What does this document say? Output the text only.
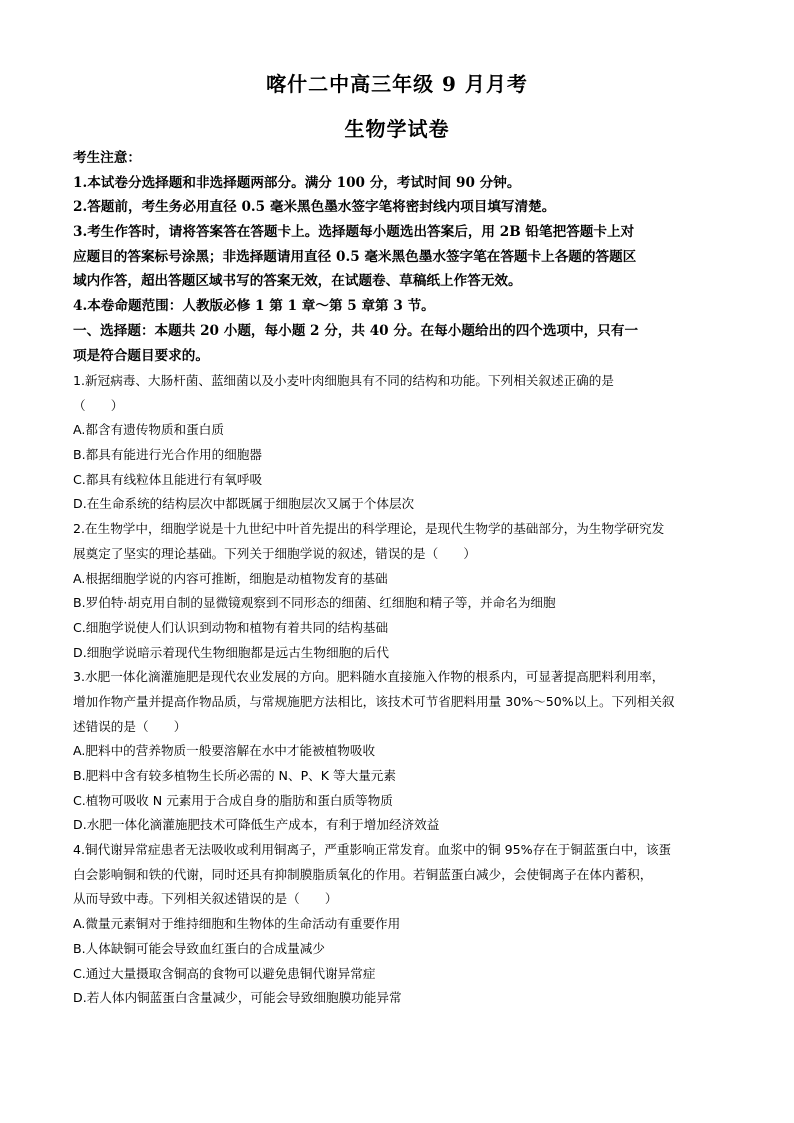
喀什二中高三年级 9 月月考
生物学试卷
考生注意：
1.本试卷分选择题和非选择题两部分。满分 100 分，考试时间 90 分钟。
2.答题前，考生务必用直径 0.5 毫米黑色墨水签字笔将密封线内项目填写清楚。
3.考生作答时，请将答案答在答题卡上。选择题每小题选出答案后，用 2B 铅笔把答题卡上对
应题目的答案标号涂黑；非选择题请用直径 0.5 毫米黑色墨水签字笔在答题卡上各题的答题区
域内作答，超出答题区域书写的答案无效，在试题卷、草稿纸上作答无效。
4.本卷命题范围：人教版必修 1 第 1 章～第 5 章第 3 节。
一、选择题：本题共 20 小题，每小题 2 分，共 40 分。在每小题给出的四个选项中，只有一
项是符合题目要求的。
1.新冠病毒、大肠杆菌、蓝细菌以及小麦叶肉细胞具有不同的结构和功能。下列相关叙述正确的是
（　　）
A.都含有遗传物质和蛋白质
B.都具有能进行光合作用的细胞器
C.都具有线粒体且能进行有氧呼吸
D.在生命系统的结构层次中都既属于细胞层次又属于个体层次
2.在生物学中，细胞学说是十九世纪中叶首先提出的科学理论，是现代生物学的基础部分，为生物学研究发
展奠定了坚实的理论基础。下列关于细胞学说的叙述，错误的是（　　）
A.根据细胞学说的内容可推断，细胞是动植物发育的基础
B.罗伯特·胡克用自制的显微镜观察到不同形态的细菌、红细胞和精子等，并命名为细胞
C.细胞学说使人们认识到动物和植物有着共同的结构基础
D.细胞学说暗示着现代生物细胞都是远古生物细胞的后代
3.水肥一体化滴灌施肥是现代农业发展的方向。肥料随水直接施入作物的根系内，可显著提高肥料利用率，
增加作物产量并提高作物品质，与常规施肥方法相比，该技术可节省肥料用量 30%～50%以上。下列相关叙
述错误的是（　　）
A.肥料中的营养物质一般要溶解在水中才能被植物吸收
B.肥料中含有较多植物生长所必需的 N、P、K 等大量元素
C.植物可吸收 N 元素用于合成自身的脂肪和蛋白质等物质
D.水肥一体化滴灌施肥技术可降低生产成本，有利于增加经济效益
4.铜代谢异常症患者无法吸收或利用铜离子，严重影响正常发育。血浆中的铜 95%存在于铜蓝蛋白中，该蛋
白会影响铜和铁的代谢，同时还具有抑制膜脂质氧化的作用。若铜蓝蛋白减少，会使铜离子在体内蓄积，
从而导致中毒。下列相关叙述错误的是（　　）
A.微量元素铜对于维持细胞和生物体的生命活动有重要作用
B.人体缺铜可能会导致血红蛋白的合成量减少
C.通过大量摄取含铜高的食物可以避免患铜代谢异常症
D.若人体内铜蓝蛋白含量减少，可能会导致细胞膜功能异常
